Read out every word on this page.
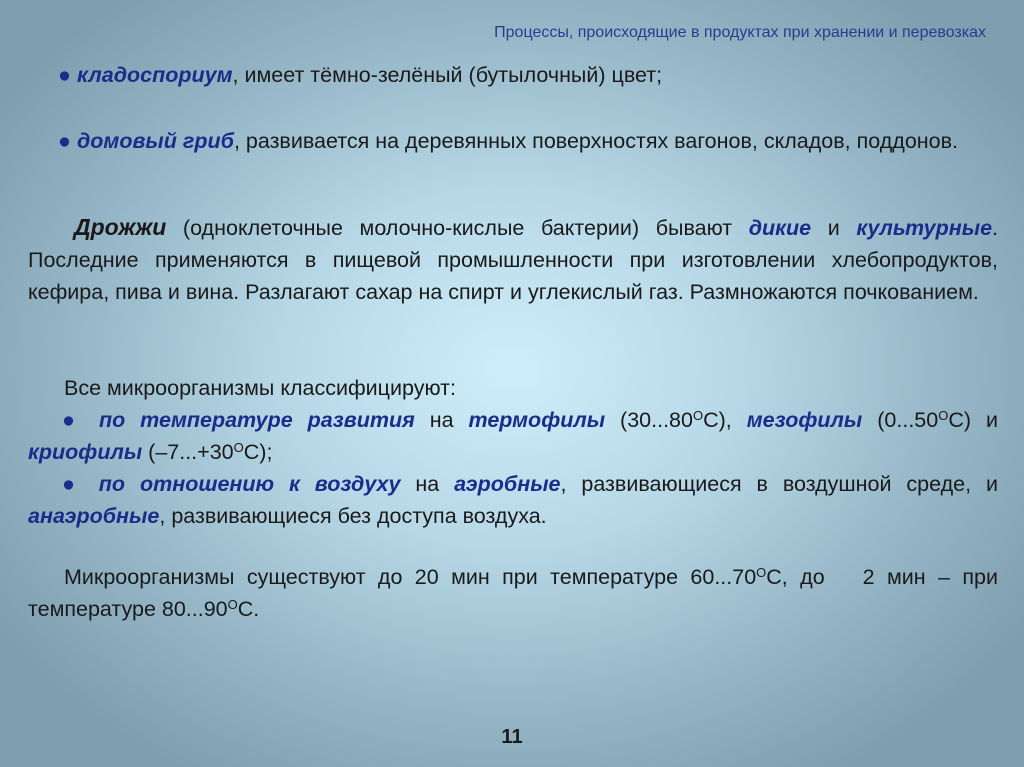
Процессы, происходящие в продуктах при хранении и перевозках
● кладоспориум, имеет тёмно-зелёный (бутылочный) цвет;
● домовый гриб, развивается на деревянных поверхностях вагонов, складов, поддонов.
Дрожжи (одноклеточные молочно-кислые бактерии) бывают дикие и культурные. Последние применяются в пищевой промышленности при изготовлении хлебопродуктов, кефира, пива и вина. Разлагают сахар на спирт и углекислый газ. Размножаются почкованием.
Все микроорганизмы классифицируют:
● по температуре развития на термофилы $(30...80^ОС)$, мезофилы $(0...50^ОС)$ и криофилы $(-7...+30^ОС)$;
● по отношению к воздуху на аэробные, развивающиеся в воздушной среде, и анаэробные, развивающиеся без доступа воздуха.
Микроорганизмы существуют до 20 мин при температуре $60...70^ОС$, до 2 мин – при температуре $80...90^ОС$.
11
